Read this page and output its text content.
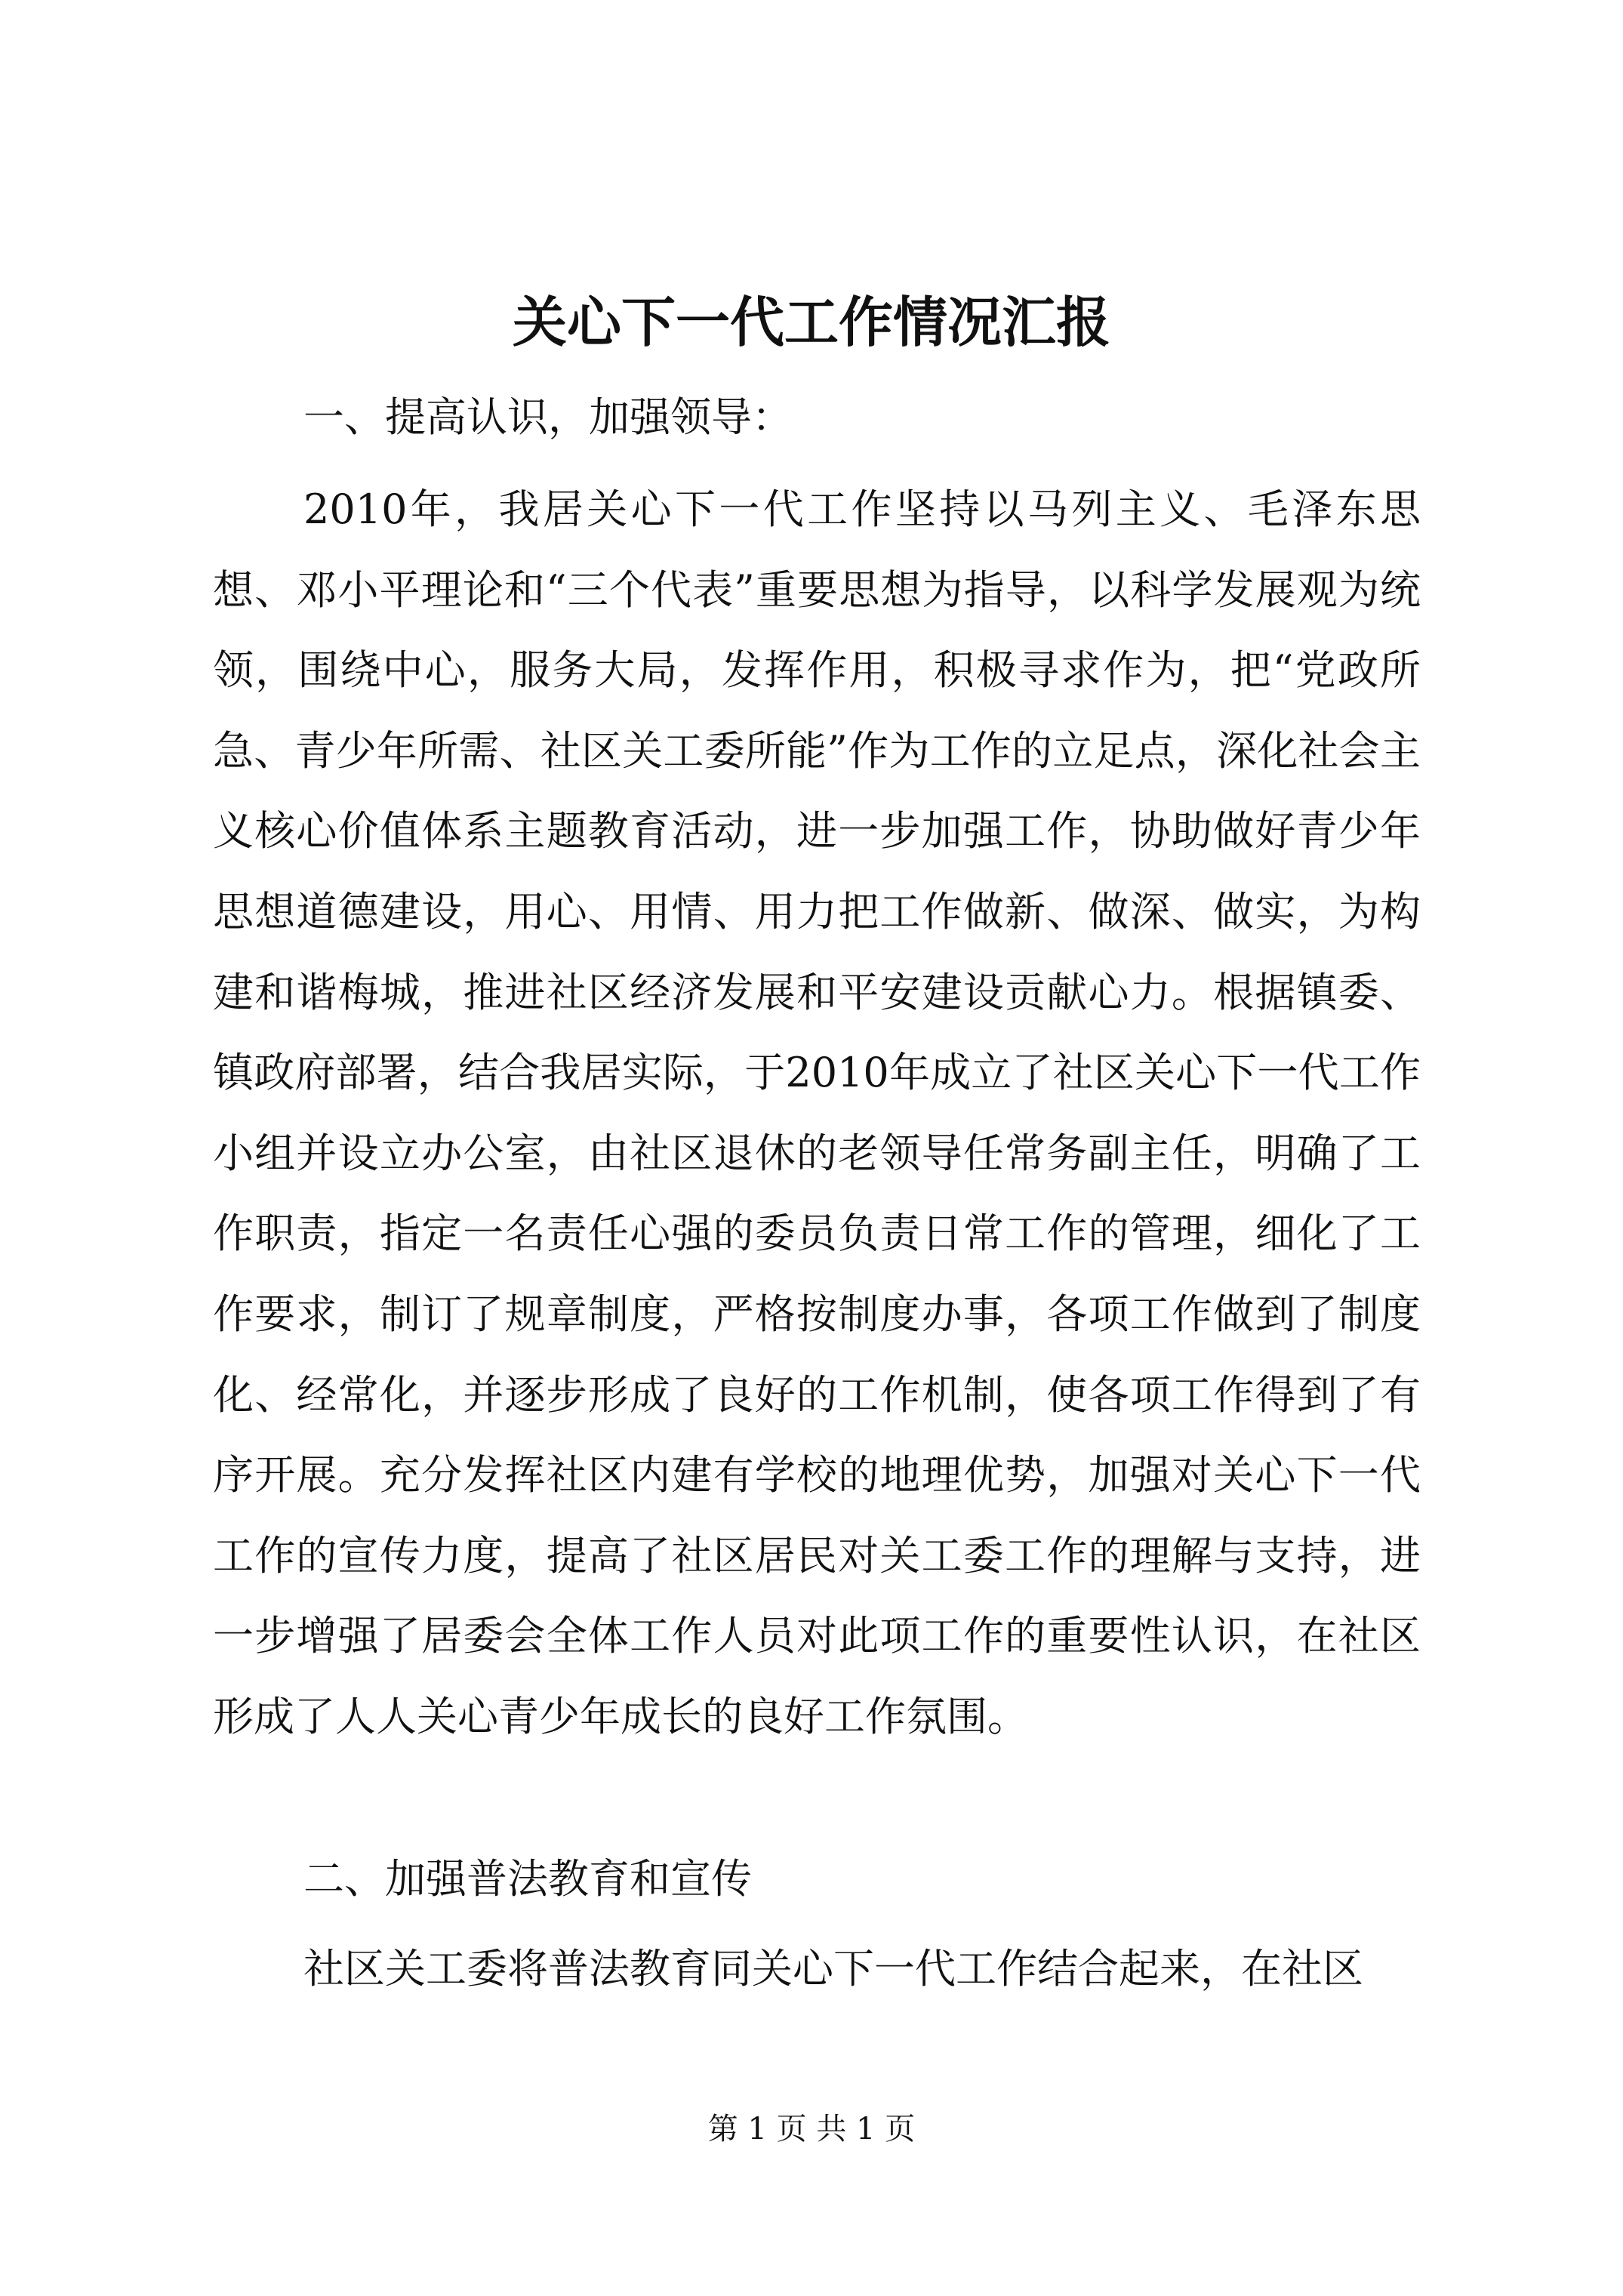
关心下一代工作情况汇报

一、提高认识，加强领导：

2010年，我居关心下一代工作坚持以马列主义、毛泽东思想、邓小平理论和“三个代表”重要思想为指导，以科学发展观为统领，围绕中心，服务大局，发挥作用，积极寻求作为，把“党政所急、青少年所需、社区关工委所能”作为工作的立足点，深化社会主义核心价值体系主题教育活动，进一步加强工作，协助做好青少年思想道德建设，用心、用情、用力把工作做新、做深、做实，为构建和谐梅城，推进社区经济发展和平安建设贡献心力。根据镇委、镇政府部署，结合我居实际，于2010年成立了社区关心下一代工作小组并设立办公室，由社区退休的老领导任常务副主任，明确了工作职责，指定一名责任心强的委员负责日常工作的管理，细化了工作要求，制订了规章制度，严格按制度办事，各项工作做到了制度化、经常化，并逐步形成了良好的工作机制，使各项工作得到了有序开展。充分发挥社区内建有学校的地理优势，加强对关心下一代工作的宣传力度，提高了社区居民对关工委工作的理解与支持，进一步增强了居委会全体工作人员对此项工作的重要性认识，在社区形成了人人关心青少年成长的良好工作氛围。

二、加强普法教育和宣传

社区关工委将普法教育同关心下一代工作结合起来，在社区

第 1 页 共 1 页
